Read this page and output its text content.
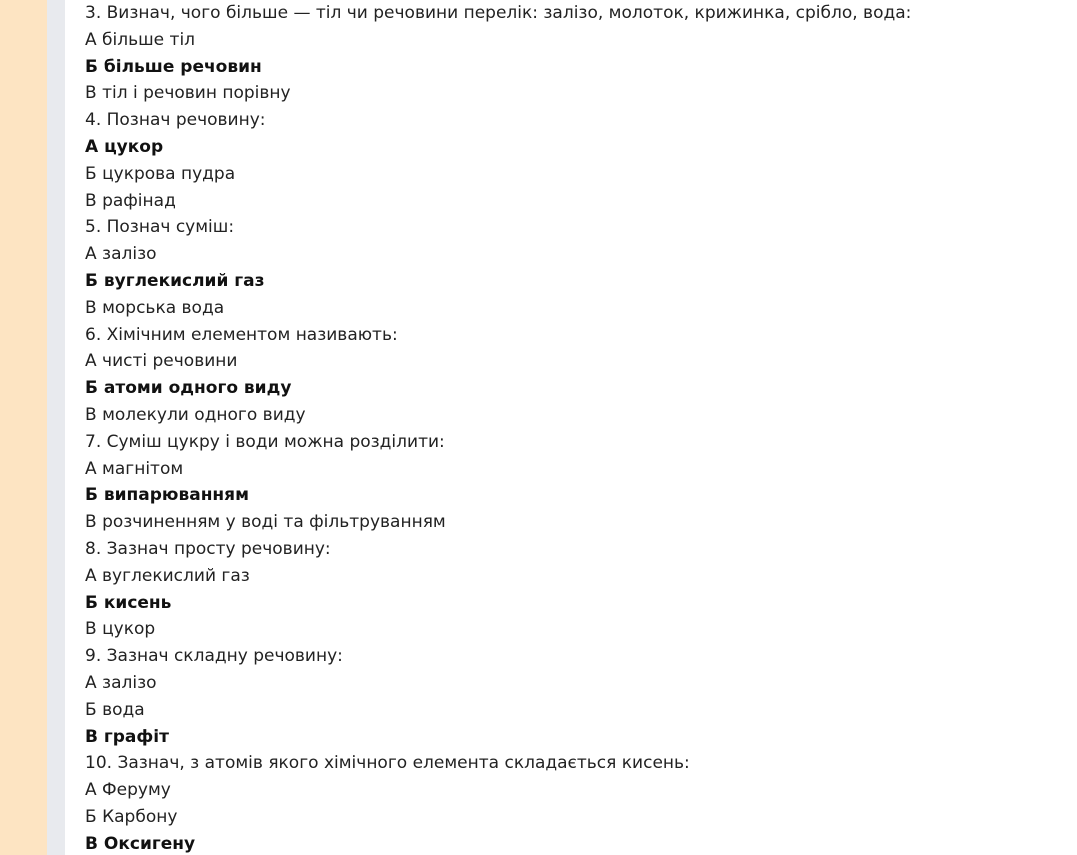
3. Визнач, чого більше — тіл чи речовини перелік: залізо, молоток, крижинка, срібло, вода:
А більше тіл
Б більше речовин
В тіл і речовин порівну
4. Познач речовину:
А цукор
Б цукрова пудра
В рафінад
5. Познач суміш:
А залізо
Б вуглекислий газ
В морська вода
6. Хімічним елементом називають:
А чисті речовини
Б атоми одного виду
В молекули одного виду
7. Суміш цукру і води можна розділити:
А магнітом
Б випарюванням
В розчиненням у воді та фільтруванням
8. Зазнач просту речовину:
А вуглекислий газ
Б кисень
В цукор
9. Зазнач складну речовину:
А залізо
Б вода
В графіт
10. Зазнач, з атомів якого хімічного елемента складається кисень:
А Феруму
Б Карбону
В Оксигену
